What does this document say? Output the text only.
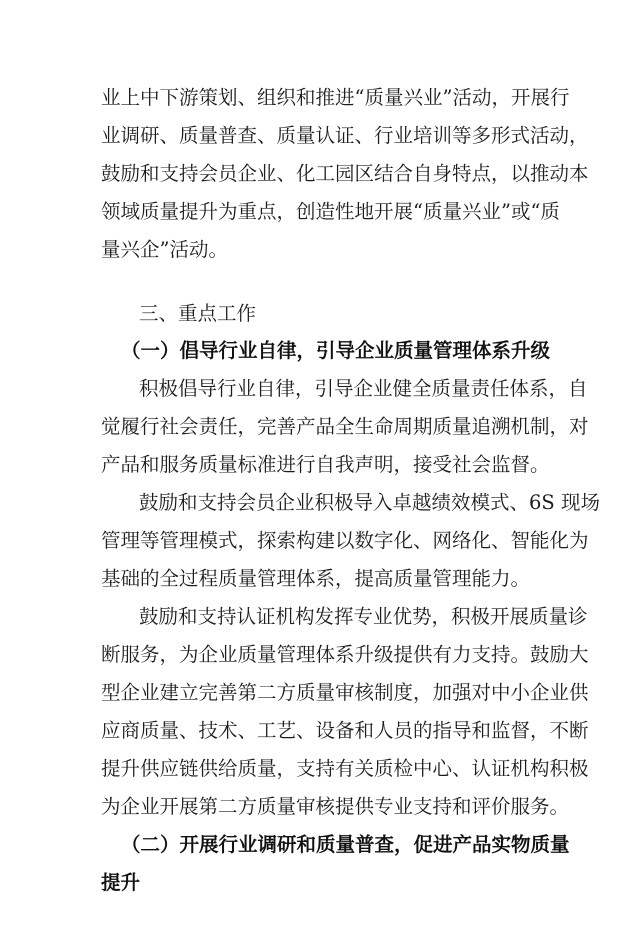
业上中下游策划、组织和推进“质量兴业”活动，开展行
业调研、质量普查、质量认证、行业培训等多形式活动，
鼓励和支持会员企业、化工园区结合自身特点，以推动本
领域质量提升为重点，创造性地开展“质量兴业”或“质
量兴企”活动。
三、重点工作
（一）倡导行业自律，引导企业质量管理体系升级
积极倡导行业自律，引导企业健全质量责任体系，自
觉履行社会责任，完善产品全生命周期质量追溯机制，对
产品和服务质量标准进行自我声明，接受社会监督。
鼓励和支持会员企业积极导入卓越绩效模式、6S 现场
管理等管理模式，探索构建以数字化、网络化、智能化为
基础的全过程质量管理体系，提高质量管理能力。
鼓励和支持认证机构发挥专业优势，积极开展质量诊
断服务，为企业质量管理体系升级提供有力支持。鼓励大
型企业建立完善第二方质量审核制度，加强对中小企业供
应商质量、技术、工艺、设备和人员的指导和监督，不断
提升供应链供给质量，支持有关质检中心、认证机构积极
为企业开展第二方质量审核提供专业支持和评价服务。
（二）开展行业调研和质量普查，促进产品实物质量
提升
